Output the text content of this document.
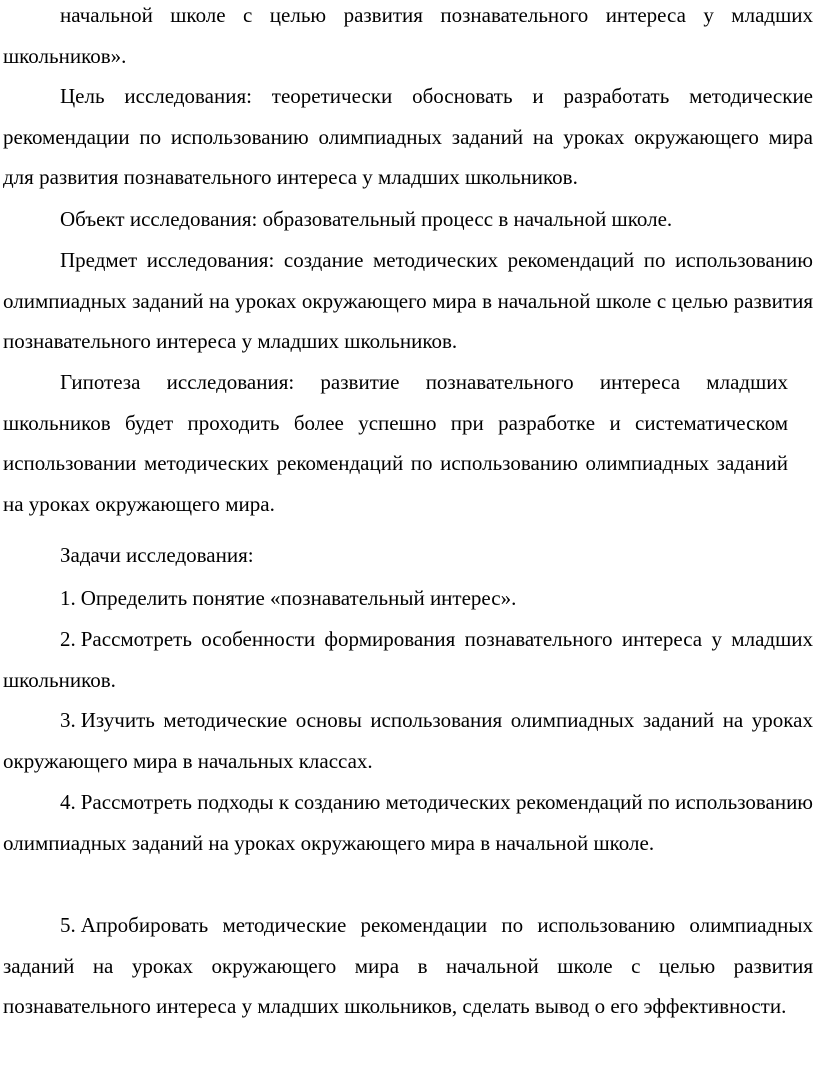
начальной школе с целью развития познавательного интереса у младших школьников».

Цель исследования: теоретически обосновать и разработать методические рекомендации по использованию олимпиадных заданий на уроках окружающего мира для развития познавательного интереса у младших школьников.

Объект исследования: образовательный процесс в начальной школе.

Предмет исследования: создание методических рекомендаций по использованию олимпиадных заданий на уроках окружающего мира в начальной школе с целью развития познавательного интереса у младших школьников.

Гипотеза исследования: развитие познавательного интереса младших школьников будет проходить более успешно при разработке и систематическом использовании методических рекомендаций по использованию олимпиадных заданий на уроках окружающего мира.

Задачи исследования:

1. Определить понятие «познавательный интерес».

2. Рассмотреть особенности формирования познавательного интереса у младших школьников.

3. Изучить методические основы использования олимпиадных заданий на уроках окружающего мира в начальных классах.

4. Рассмотреть подходы к созданию методических рекомендаций по использованию олимпиадных заданий на уроках окружающего мира в начальной школе.

5. Апробировать методические рекомендации по использованию олимпиадных заданий на уроках окружающего мира в начальной школе с целью развития познавательного интереса у младших школьников, сделать вывод о его эффективности.
